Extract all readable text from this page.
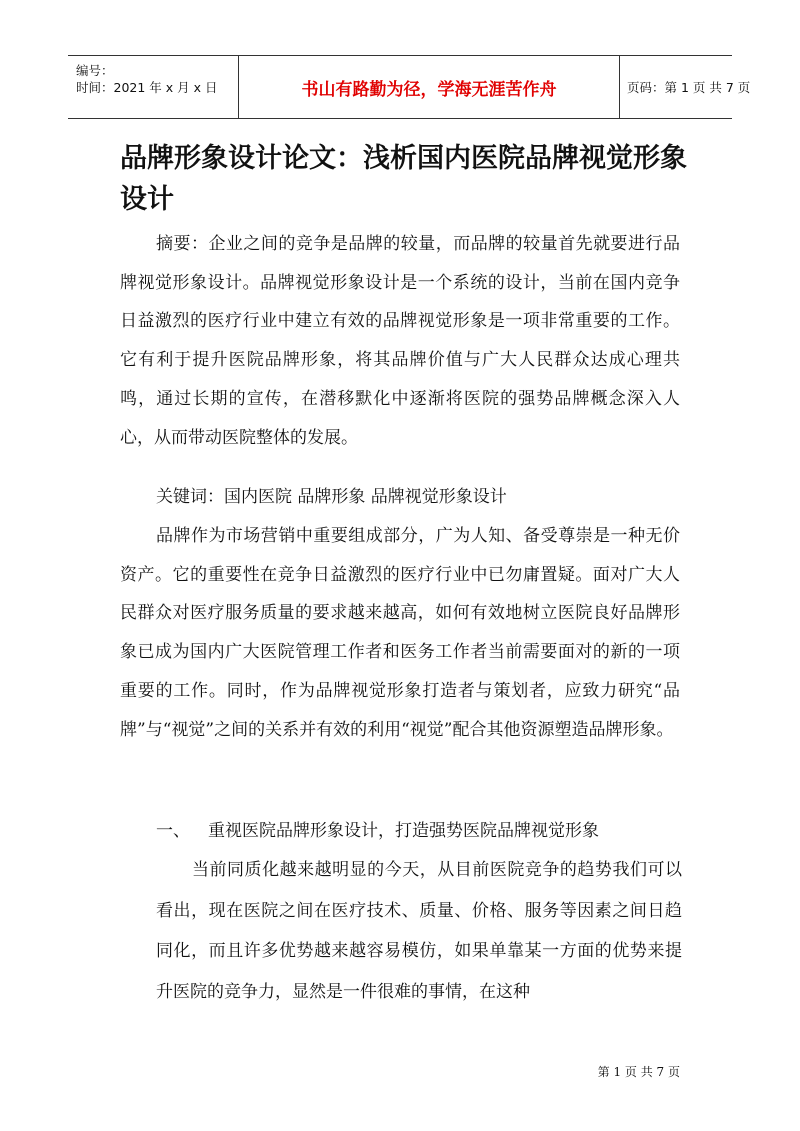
编号：
时间：2021 年 x 月 x 日	书山有路勤为径，学海无涯苦作舟	页码：第 1 页 共 7 页
品牌形象设计论文：浅析国内医院品牌视觉形象设计
摘要：企业之间的竞争是品牌的较量，而品牌的较量首先就要进行品牌视觉形象设计。品牌视觉形象设计是一个系统的设计，当前在国内竞争日益激烈的医疗行业中建立有效的品牌视觉形象是一项非常重要的工作。它有利于提升医院品牌形象，将其品牌价值与广大人民群众达成心理共鸣，通过长期的宣传，在潜移默化中逐渐将医院的强势品牌概念深入人心，从而带动医院整体的发展。
关键词：国内医院 品牌形象 品牌视觉形象设计
品牌作为市场营销中重要组成部分，广为人知、备受尊崇是一种无价资产。它的重要性在竞争日益激烈的医疗行业中已勿庸置疑。面对广大人民群众对医疗服务质量的要求越来越高，如何有效地树立医院良好品牌形象已成为国内广大医院管理工作者和医务工作者当前需要面对的新的一项重要的工作。同时，作为品牌视觉形象打造者与策划者，应致力研究“品牌”与“视觉”之间的关系并有效的利用“视觉”配合其他资源塑造品牌形象。
一、 重视医院品牌形象设计，打造强势医院品牌视觉形象
当前同质化越来越明显的今天，从目前医院竞争的趋势我们可以看出，现在医院之间在医疗技术、质量、价格、服务等因素之间日趋同化，而且许多优势越来越容易模仿，如果单靠某一方面的优势来提升医院的竞争力，显然是一件很难的事情，在这种
第 1 页 共 7 页
